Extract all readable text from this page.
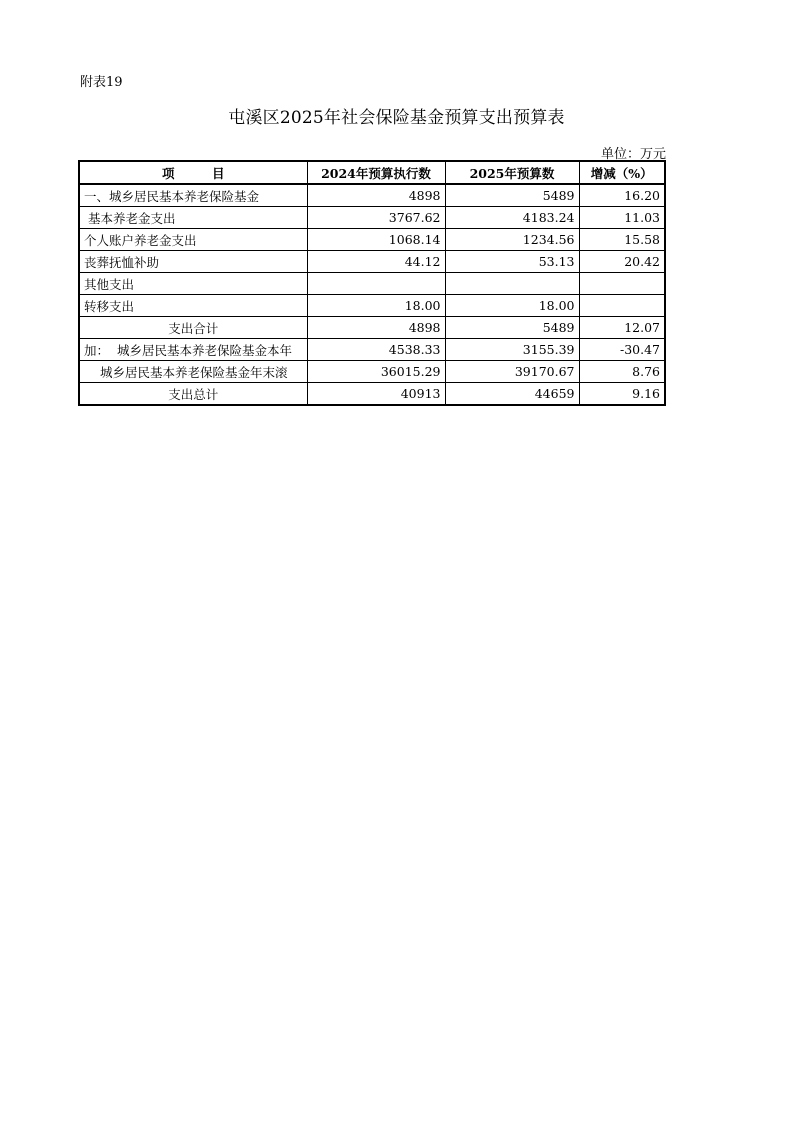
附表19
屯溪区2025年社会保险基金预算支出预算表
单位：万元
项　　　目	2024年预算执行数	2025年预算数	增减（%）
一、城乡居民基本养老保险基金	4898	5489	16.20
基本养老金支出	3767.62	4183.24	11.03
个人账户养老金支出	1068.14	1234.56	15.58
丧葬抚恤补助	44.12	53.13	20.42
其他支出			
转移支出	18.00	18.00	
支出合计	4898	5489	12.07
加：  城乡居民基本养老保险基金本年	4538.33	3155.39	-30.47
城乡居民基本养老保险基金年末滚	36015.29	39170.67	8.76
支出总计	40913	44659	9.16
